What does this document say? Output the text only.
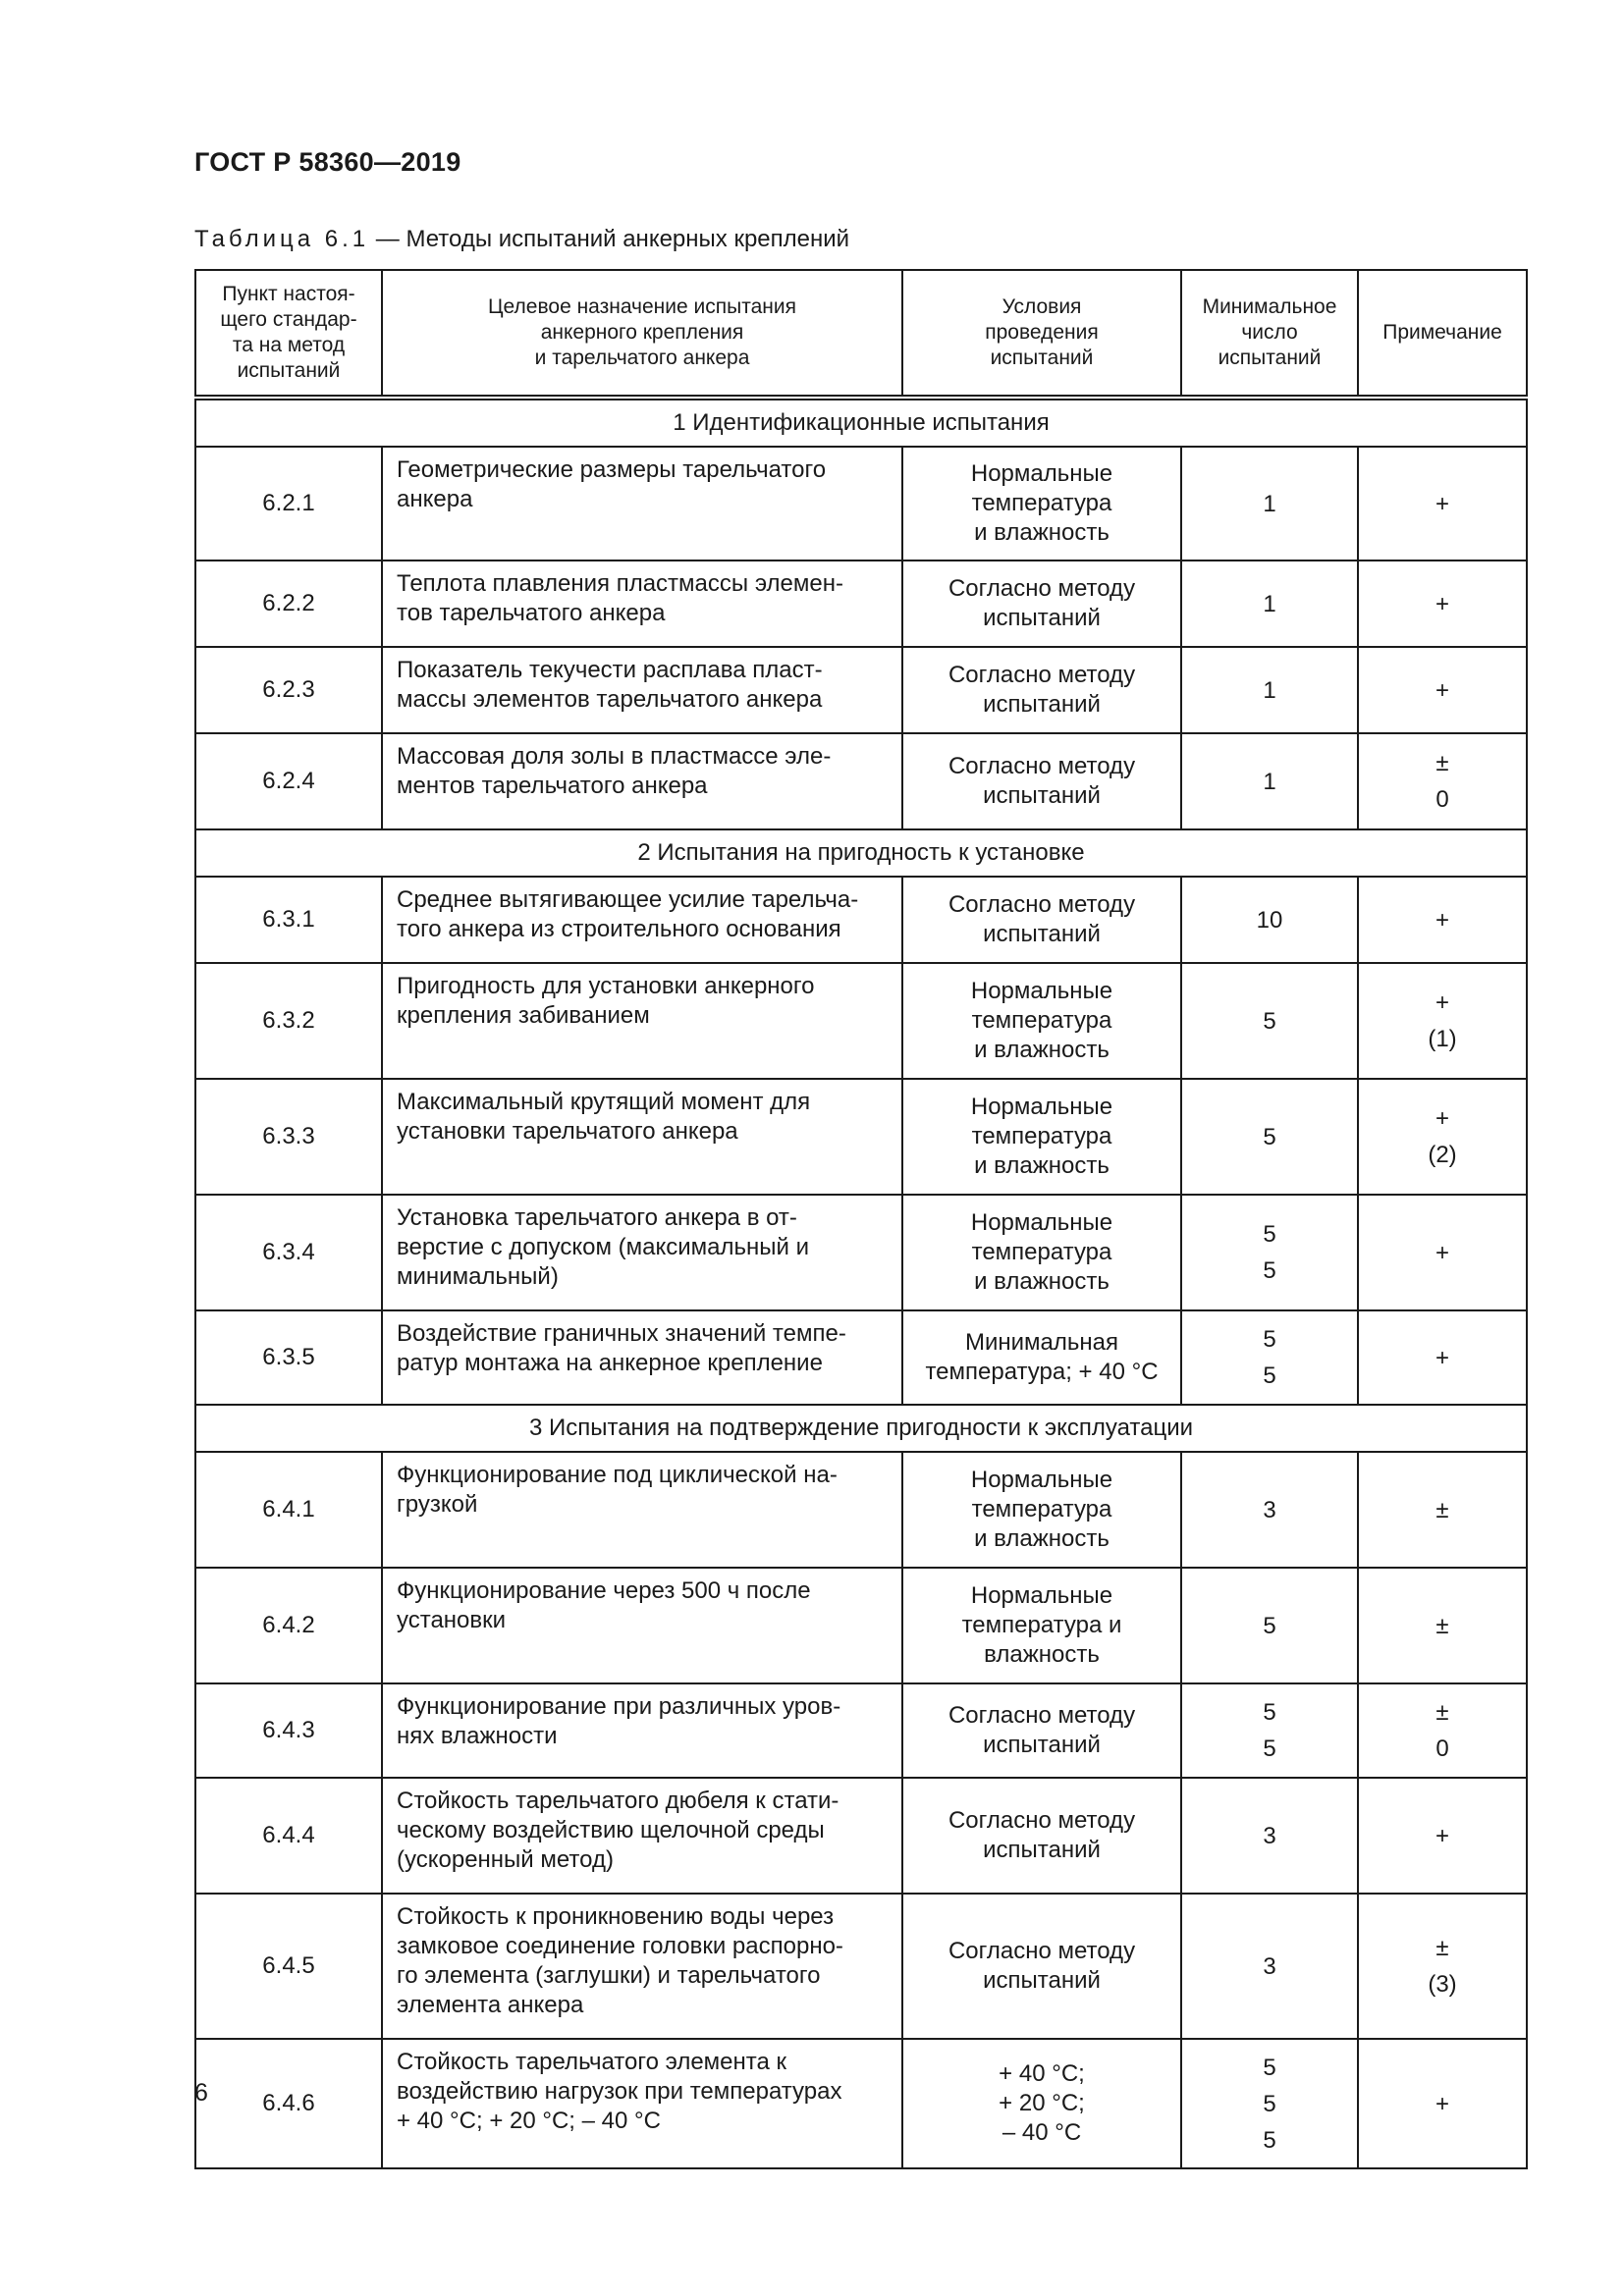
ГОСТ Р 58360—2019
Таблица 6.1 — Методы испытаний анкерных креплений
Пункт настоя-
щего стандар-
та на метод
испытаний	Целевое назначение испытания
анкерного крепления
и тарельчатого анкера	Условия
проведения
испытаний	Минимальное
число
испытаний	Примечание
1 Идентификационные испытания				
6.2.1	Геометрические размеры тарельчатого
анкера	Нормальные
температура
и влажность	1	+

6.2.2	Теплота плавления пластмассы элемен-
тов тарельчатого анкера	Согласно методу
испытаний	1	+

6.2.3	Показатель текучести расплава пласт-
массы элементов тарельчатого анкера	Согласно методу
испытаний	1	+

6.2.4	Массовая доля золы в пластмассе эле-
ментов тарельчатого анкера	Согласно методу
испытаний	1	±
0

2 Испытания на пригодность к установке				
6.3.1	Среднее вытягивающее усилие тарельча-
того анкера из строительного основания	Согласно методу
испытаний	10	+

6.3.2	Пригодность для установки анкерного
крепления забиванием	Нормальные
температура
и влажность	5	+
(1)

6.3.3	Максимальный крутящий момент для
установки тарельчатого анкера	Нормальные
температура
и влажность	5	+
(2)

6.3.4	Установка тарельчатого анкера в от-
верстие с допуском (максимальный и
минимальный)	Нормальные
температура
и влажность	5
5	+

6.3.5	Воздействие граничных значений темпе-
ратур монтажа на анкерное крепление	Минимальная
температура; + 40 °С	5
5	+

3 Испытания на подтверждение пригодности к эксплуатации				
6.4.1	Функционирование под циклической на-
грузкой	Нормальные
температура
и влажность	3	±

6.4.2	Функционирование через 500 ч после
установки	Нормальные
температура и
влажность	5	±

6.4.3	Функционирование при различных уров-
нях влажности	Согласно методу
испытаний	5
5	±
0

6.4.4	Стойкость тарельчатого дюбеля к стати-
ческому воздействию щелочной среды
(ускоренный метод)	Согласно методу
испытаний	3	+

6.4.5	Стойкость к проникновению воды через
замковое соединение головки распорно-
го элемента (заглушки) и тарельчатого
элемента анкера	Согласно методу
испытаний	3	±
(3)

6.4.6	Стойкость тарельчатого элемента к
воздействию нагрузок при температурах
+ 40 °С; + 20 °С; – 40 °С	+ 40 °С;
+ 20 °С;
– 40 °С	5
5
5	+
6
